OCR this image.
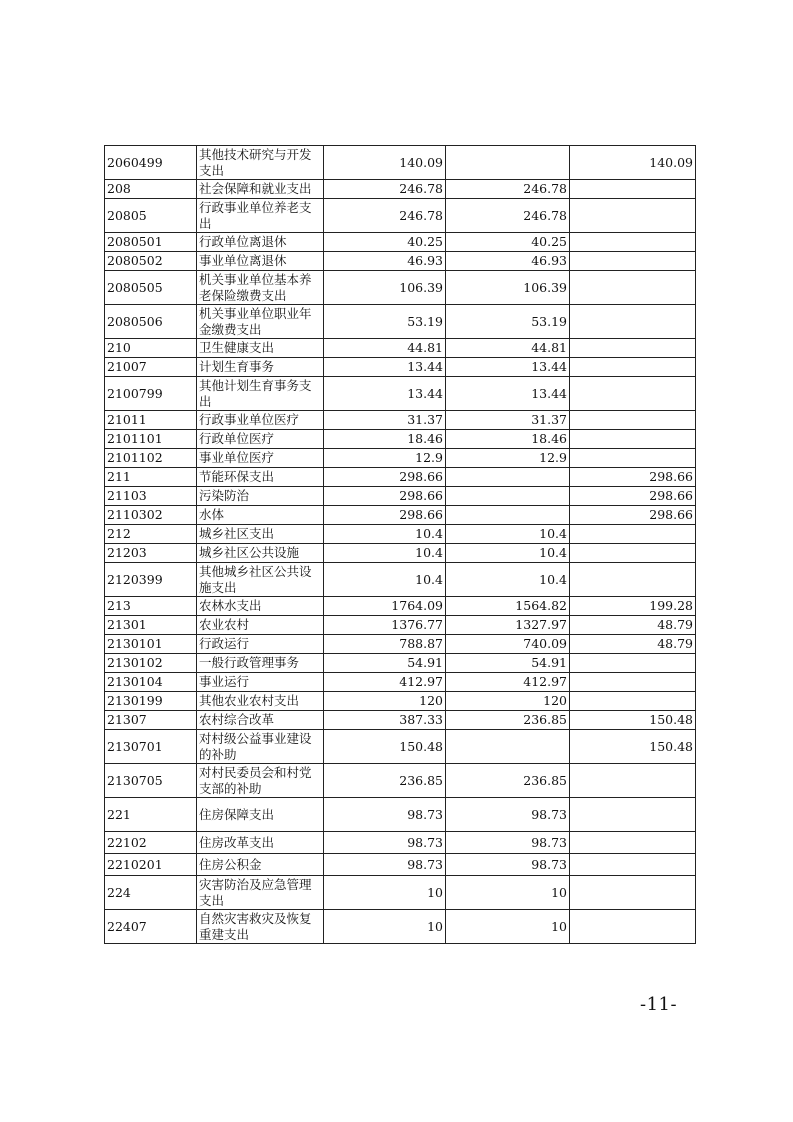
2060499	其他技术研究与开发支出	140.09		140.09
208	社会保障和就业支出	246.78	246.78	
20805	行政事业单位养老支出	246.78	246.78	
2080501	行政单位离退休	40.25	40.25	
2080502	事业单位离退休	46.93	46.93	
2080505	机关事业单位基本养老保险缴费支出	106.39	106.39	
2080506	机关事业单位职业年金缴费支出	53.19	53.19	
210	卫生健康支出	44.81	44.81	
21007	计划生育事务	13.44	13.44	
2100799	其他计划生育事务支出	13.44	13.44	
21011	行政事业单位医疗	31.37	31.37	
2101101	行政单位医疗	18.46	18.46	
2101102	事业单位医疗	12.9	12.9	
211	节能环保支出	298.66		298.66
21103	污染防治	298.66		298.66
2110302	水体	298.66		298.66
212	城乡社区支出	10.4	10.4	
21203	城乡社区公共设施	10.4	10.4	
2120399	其他城乡社区公共设施支出	10.4	10.4	
213	农林水支出	1764.09	1564.82	199.28
21301	农业农村	1376.77	1327.97	48.79
2130101	行政运行	788.87	740.09	48.79
2130102	一般行政管理事务	54.91	54.91	
2130104	事业运行	412.97	412.97	
2130199	其他农业农村支出	120	120	
21307	农村综合改革	387.33	236.85	150.48
2130701	对村级公益事业建设的补助	150.48		150.48
2130705	对村民委员会和村党支部的补助	236.85	236.85	
221	住房保障支出	98.73	98.73	
22102	住房改革支出	98.73	98.73	
2210201	住房公积金	98.73	98.73	
224	灾害防治及应急管理支出	10	10	
22407	自然灾害救灾及恢复重建支出	10	10	
-11-
